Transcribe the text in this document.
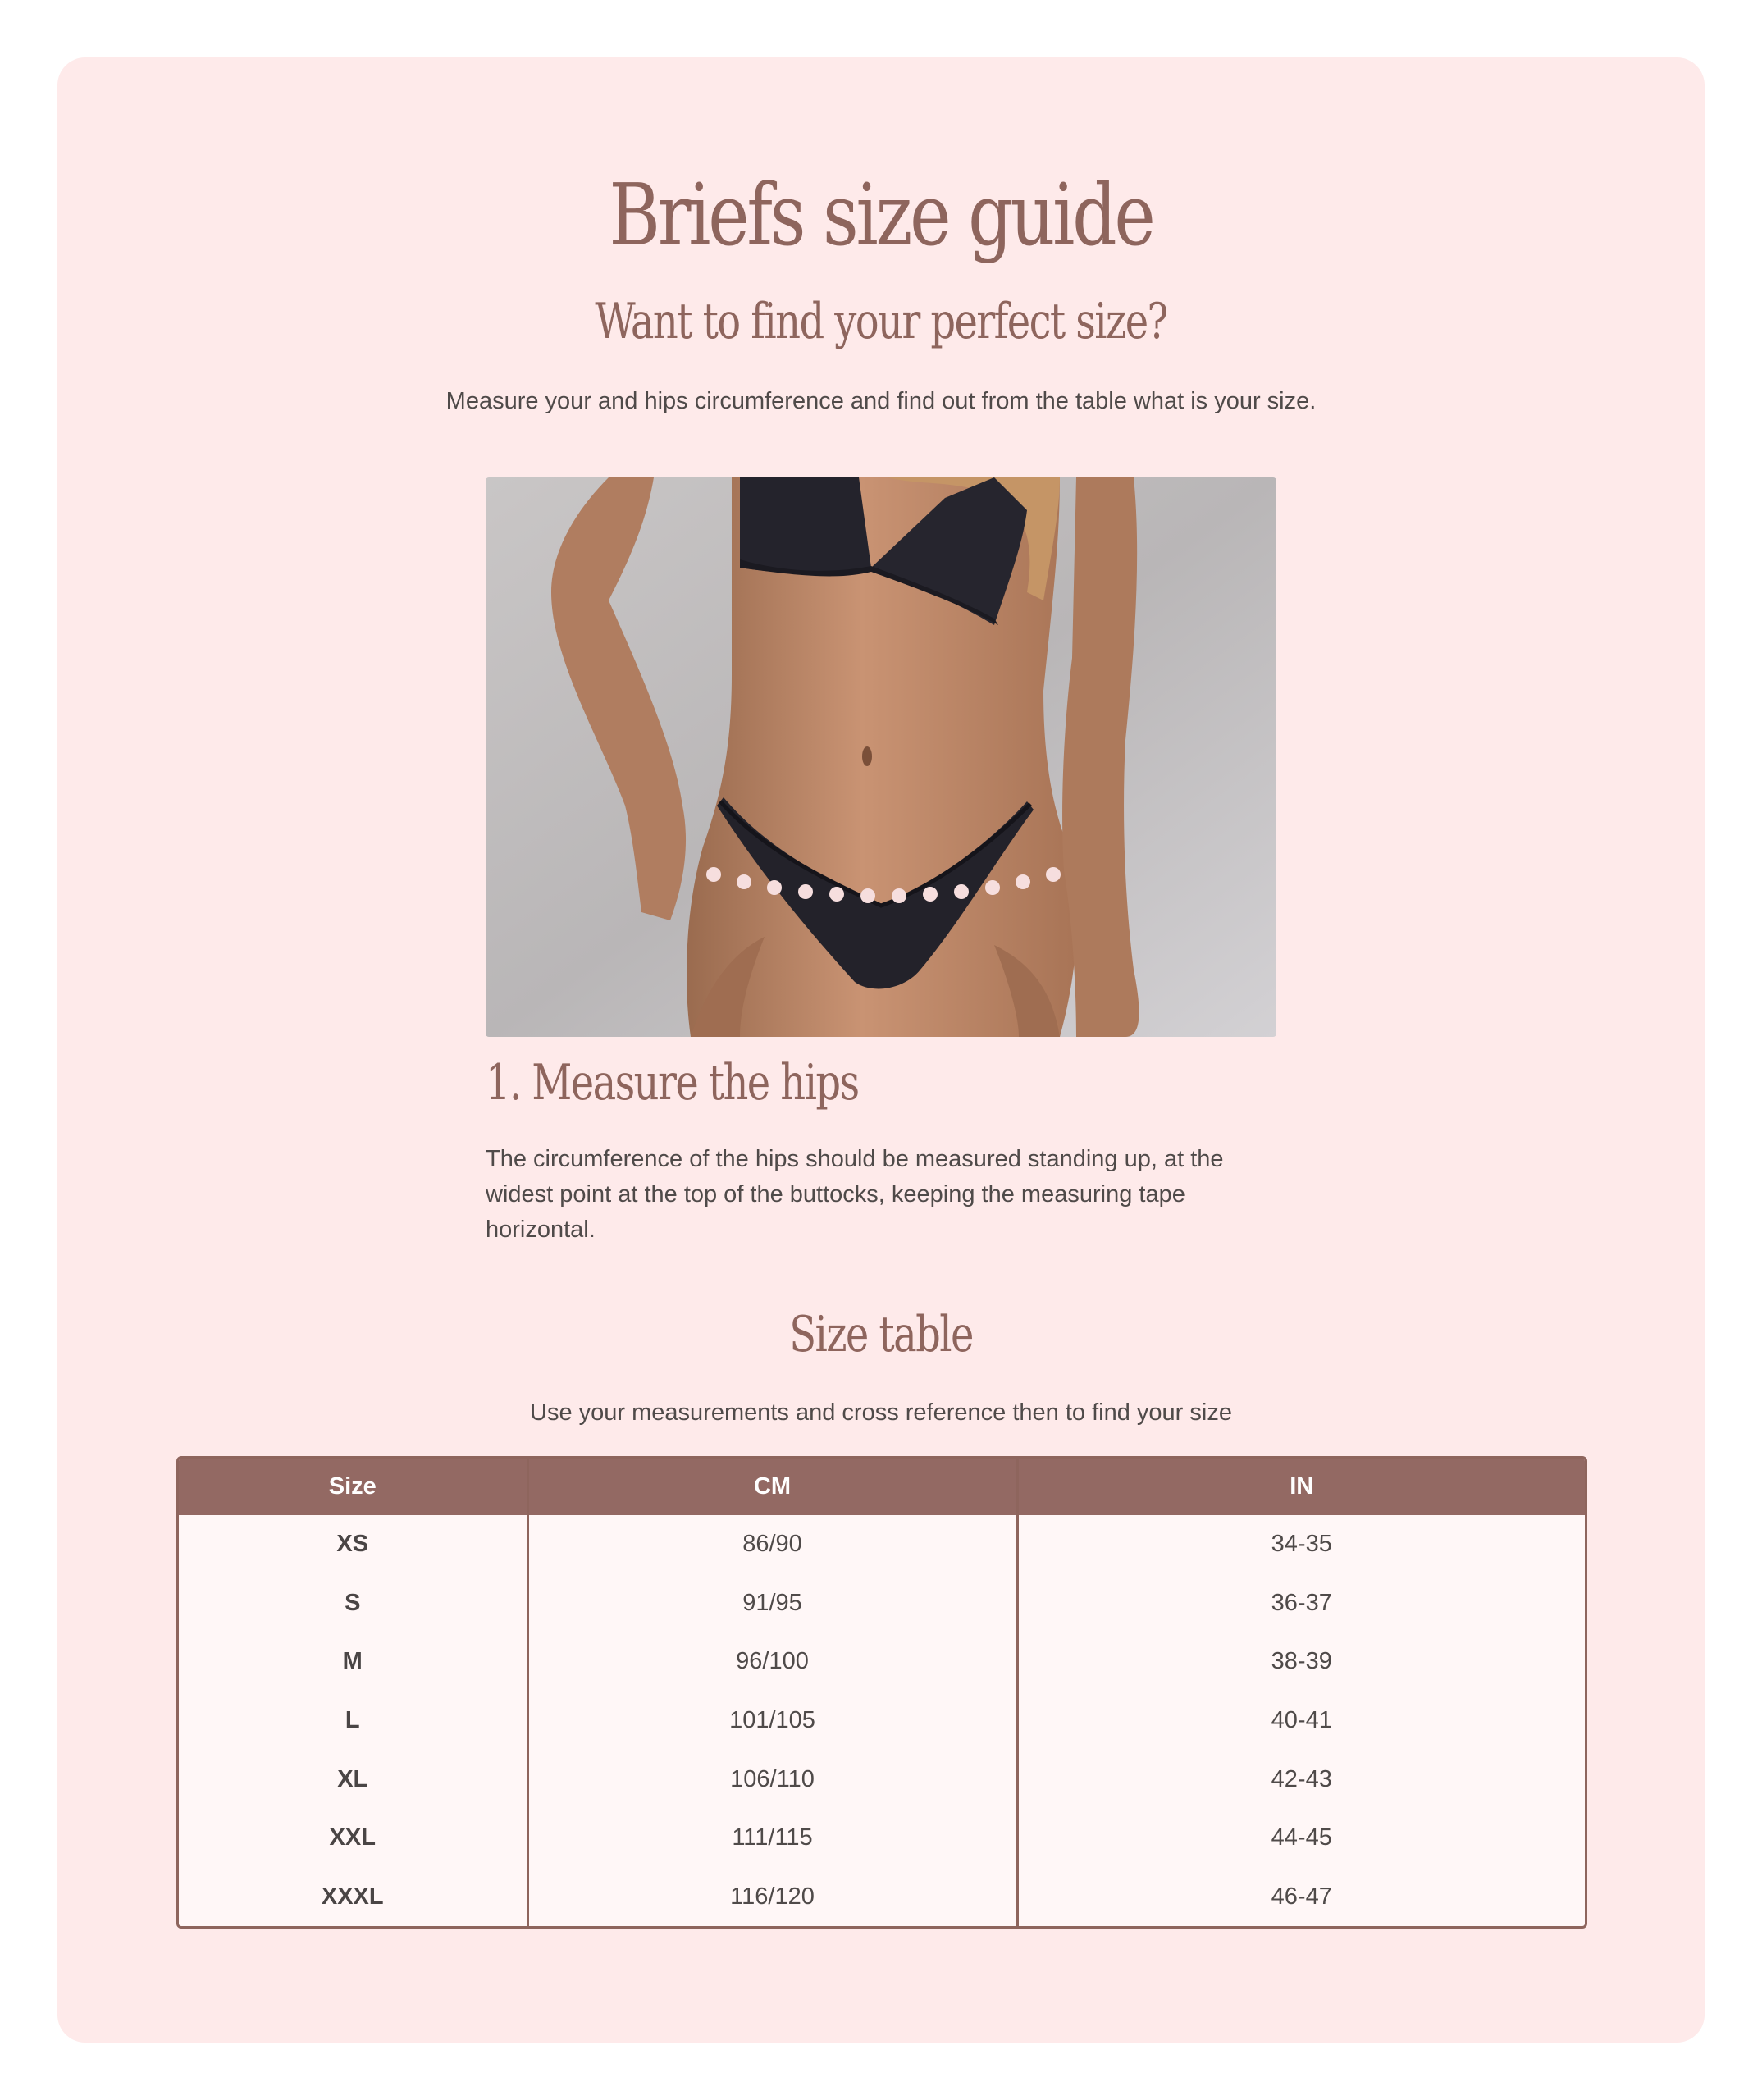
Briefs size guide
Want to find your perfect size?
Measure your and hips circumference and find out from the table what is your size.
1. Measure the hips
The circumference of the hips should be measured standing up, at the widest point at the top of the buttocks, keeping the measuring tape horizontal.
Size table
Use your measurements and cross reference then to find your size
Size	CM	IN
XS	86/90	34-35
S	91/95	36-37
M	96/100	38-39
L	101/105	40-41
XL	106/110	42-43
XXL	111/115	44-45
XXXL	116/120	46-47
